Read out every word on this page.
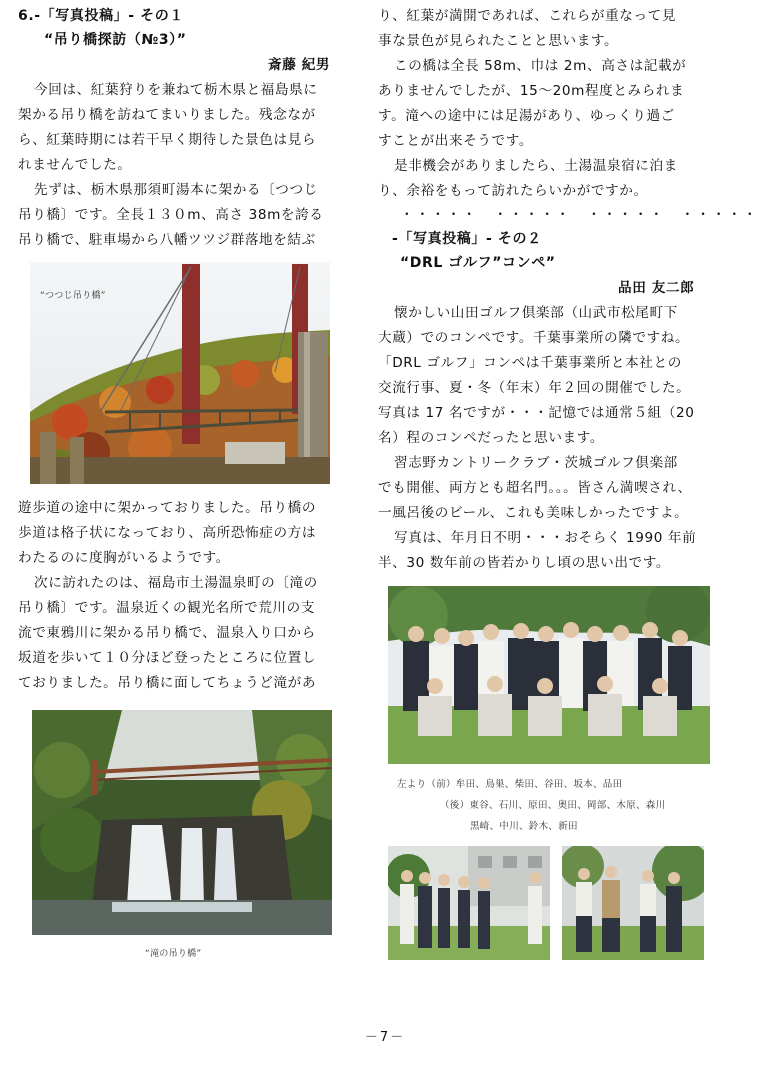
6.-「写真投稿」- その１
“吊り橋探訪（№3）”
斎藤 紀男
今回は、紅葉狩りを兼ねて栃木県と福島県に
架かる吊り橋を訪ねてまいりました。残念なが
ら、紅葉時期には若干早く期待した景色は見ら
れませんでした。
先ずは、栃木県那須町湯本に架かる〔つつじ
吊り橋〕です。全長１３０m、高さ 38mを誇る
吊り橋で、駐車場から八幡ツツジ群落地を結ぶ
“つつじ吊り橋”
遊歩道の途中に架かっておりました。吊り橋の
歩道は格子状になっており、高所恐怖症の方は
わたるのに度胸がいるようです。
次に訪れたのは、福島市土湯温泉町の〔滝の
吊り橋〕です。温泉近くの観光名所で荒川の支
流で東鴉川に架かる吊り橋で、温泉入り口から
坂道を歩いて１０分ほど登ったところに位置し
ておりました。吊り橋に面してちょうど滝があ
“滝の吊り橋”
り、紅葉が満開であれば、これらが重なって見
事な景色が見られたことと思います。
この橋は全長 58m、巾は 2m、高さは記載が
ありませんでしたが、15～20m程度とみられま
す。滝への途中には足湯があり、ゆっくり過ご
すことが出来そうです。
是非機会がありましたら、土湯温泉宿に泊ま
り、余裕をもって訪れたらいかがですか。
・・・・・　・・・・・　・・・・・　・・・・・
-「写真投稿」- その２
“DRL ゴルフ”コンペ”
品田 友二郎
懐かしい山田ゴルフ倶楽部（山武市松尾町下
大蔵）でのコンペです。千葉事業所の隣ですね。
「DRL ゴルフ」コンペは千葉事業所と本社との
交流行事、夏・冬（年末）年２回の開催でした。
写真は 17 名ですが・・・記憶では通常５組（20
名）程のコンペだったと思います。
習志野カントリークラブ・茨城ゴルフ倶楽部
でも開催、両方とも超名門。。。皆さん満喫され、
一風呂後のビール、これも美味しかったですよ。
写真は、年月日不明・・・おそらく 1990 年前
半、30 数年前の皆若かりし頃の思い出です。
左より（前）牟田、鳥巣、柴田、谷田、坂本、品田
（後）東谷、石川、原田、奥田、岡部、木原、森川
黒崎、中川、鈴木、新田
－7－
